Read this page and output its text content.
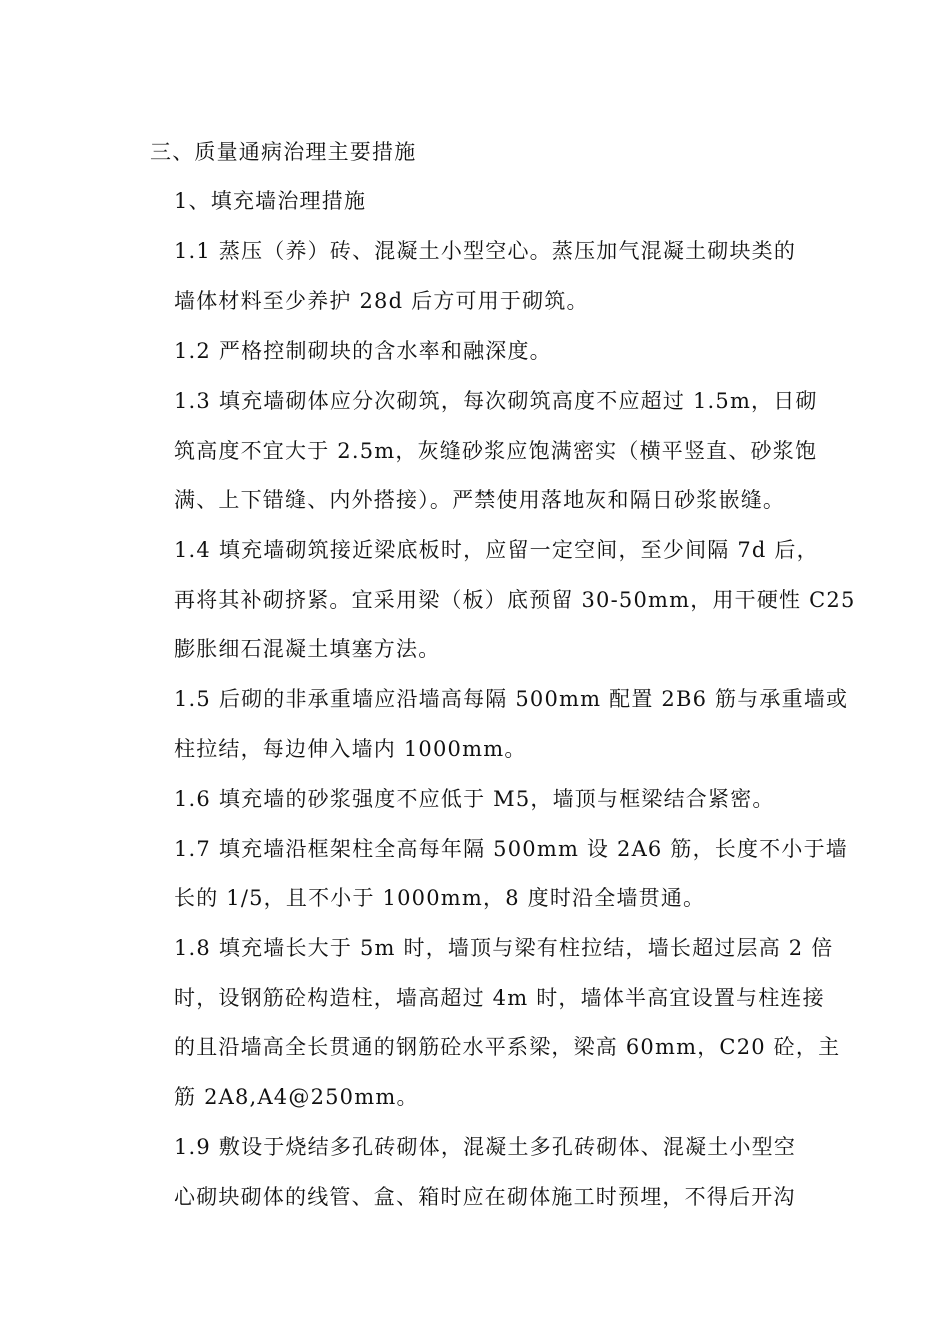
三、质量通病治理主要措施
1、填充墙治理措施
1.1 蒸压（养）砖、混凝土小型空心。蒸压加气混凝土砌块类的
墙体材料至少养护 28d 后方可用于砌筑。
1.2 严格控制砌块的含水率和融深度。
1.3 填充墙砌体应分次砌筑，每次砌筑高度不应超过 1.5m，日砌
筑高度不宜大于 2.5m，灰缝砂浆应饱满密实（横平竖直、砂浆饱
满、上下错缝、内外搭接）。严禁使用落地灰和隔日砂浆嵌缝。
1.4 填充墙砌筑接近梁底板时，应留一定空间，至少间隔 7d 后，
再将其补砌挤紧。宜采用梁（板）底预留 30-50mm，用干硬性 C25
膨胀细石混凝土填塞方法。
1.5 后砌的非承重墙应沿墙高每隔 500mm 配置 2B6 筋与承重墙或
柱拉结，每边伸入墙内 1000mm。
1.6 填充墙的砂浆强度不应低于 M5，墙顶与框梁结合紧密。
1.7 填充墙沿框架柱全高每年隔 500mm 设 2A6 筋，长度不小于墙
长的 1/5，且不小于 1000mm，8 度时沿全墙贯通。
1.8 填充墙长大于 5m 时，墙顶与梁有柱拉结，墙长超过层高 2 倍
时，设钢筋砼构造柱，墙高超过 4m 时，墙体半高宜设置与柱连接
的且沿墙高全长贯通的钢筋砼水平系梁，梁高 60mm，C20 砼，主
筋 2A8,A4@250mm。
1.9 敷设于烧结多孔砖砌体，混凝土多孔砖砌体、混凝土小型空
心砌块砌体的线管、盒、箱时应在砌体施工时预埋，不得后开沟
